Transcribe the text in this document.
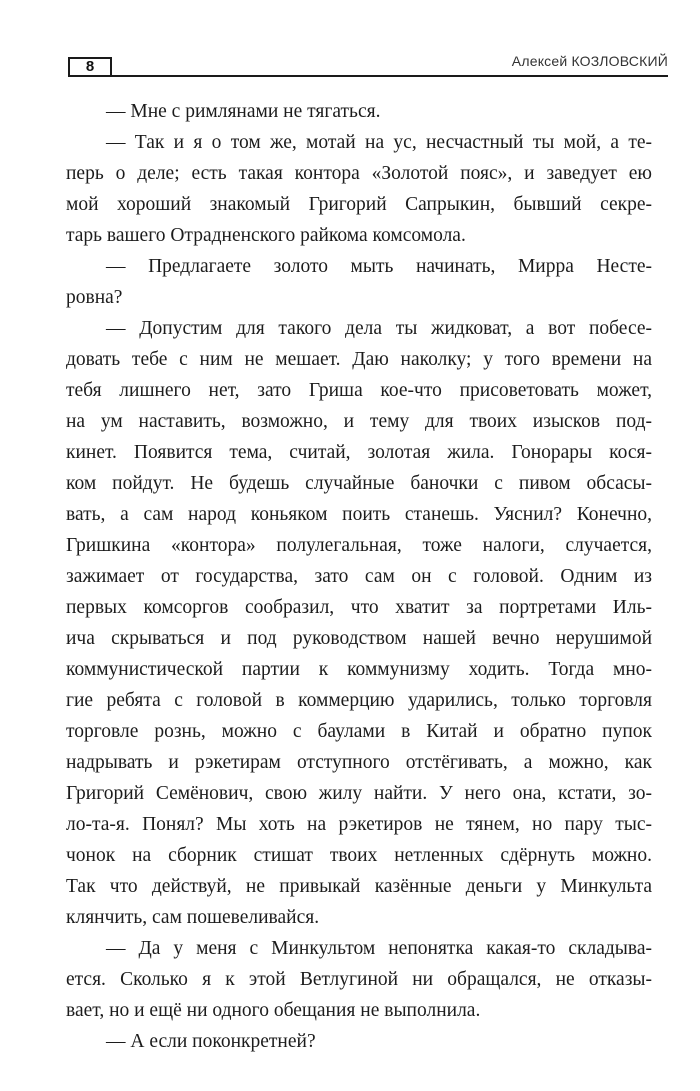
8	Алексей КОЗЛОВСКИЙ
— Мне с римлянами не тягаться.
— Так и я о том же, мотай на ус, несчастный ты мой, а те-
перь о деле; есть такая контора «Золотой пояс», и заведует ею
мой хороший знакомый Григорий Сапрыкин, бывший секре-
тарь вашего Отрадненского райкома комсомола.
— Предлагаете золото мыть начинать, Мирра Несте-
ровна?
— Допустим для такого дела ты жидковат, а вот побесе-
довать тебе с ним не мешает. Даю наколку; у того времени на
тебя лишнего нет, зато Гриша кое-что присоветовать может,
на ум наставить, возможно, и тему для твоих изысков под-
кинет. Появится тема, считай, золотая жила. Гонорары кося-
ком пойдут. Не будешь случайные баночки с пивом обсасы-
вать, а сам народ коньяком поить станешь. Уяснил? Конечно,
Гришкина «контора» полулегальная, тоже налоги, случается,
зажимает от государства, зато сам он с головой. Одним из
первых комсоргов сообразил, что хватит за портретами Иль-
ича скрываться и под руководством нашей вечно нерушимой
коммунистической партии к коммунизму ходить. Тогда мно-
гие ребята с головой в коммерцию ударились, только торговля
торговле рознь, можно с баулами в Китай и обратно пупок
надрывать и рэкетирам отступного отстёгивать, а можно, как
Григорий Семёнович, свою жилу найти. У него она, кстати, зо-
ло-та-я. Понял? Мы хоть на рэкетиров не тянем, но пару тыс-
чонок на сборник стишат твоих нетленных сдёрнуть можно.
Так что действуй, не привыкай казённые деньги у Минкульта
клянчить, сам пошевеливайся.
— Да у меня с Минкультом непонятка какая-то складыва-
ется. Сколько я к этой Ветлугиной ни обращался, не отказы-
вает, но и ещё ни одного обещания не выполнила.
— А если поконкретней?
